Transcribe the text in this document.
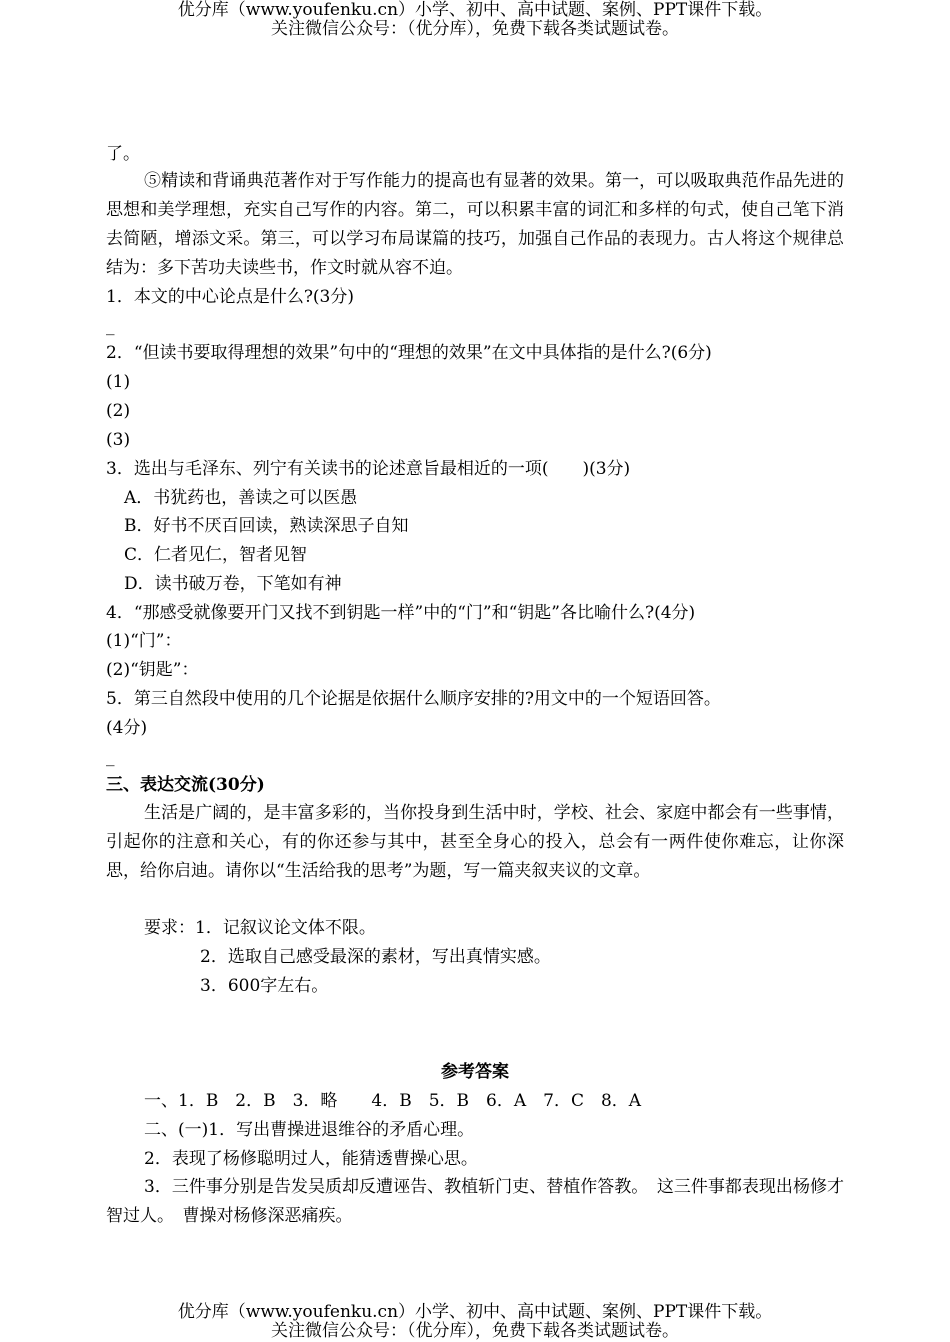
优分库（www.youfenku.cn）小学、初中、高中试题、案例、PPT课件下载。
关注微信公众号：（优分库），免费下载各类试题试卷。
了。

⑤精读和背诵典范著作对于写作能力的提高也有显著的效果。第一，可以吸取典范作品先进的思想和美学理想，充实自己写作的内容。第二，可以积累丰富的词汇和多样的句式，使自己笔下消去简陋，增添文采。第三，可以学习布局谋篇的技巧，加强自己作品的表现力。古人将这个规律总结为：多下苦功夫读些书，作文时就从容不迫。

1．本文的中心论点是什么?(3分)
_
2．“但读书要取得理想的效果”句中的“理想的效果”在文中具体指的是什么?(6分)
(1)
(2)
(3)
3．选出与毛泽东、列宁有关读书的论述意旨最相近的一项(　　)(3分)
A．书犹药也，善读之可以医愚
B．好书不厌百回读，熟读深思子自知
C．仁者见仁，智者见智
D．读书破万卷，下笔如有神
4．“那感受就像要开门又找不到钥匙一样”中的“门”和“钥匙”各比喻什么?(4分)
(1)“门”：
(2)“钥匙”：
5．第三自然段中使用的几个论据是依据什么顺序安排的?用文中的一个短语回答。
(4分)
_
三、表达交流(30分)

生活是广阔的，是丰富多彩的，当你投身到生活中时，学校、社会、家庭中都会有一些事情，引起你的注意和关心，有的你还参与其中，甚至全身心的投入，总会有一两件使你难忘，让你深思，给你启迪。请你以“生活给我的思考”为题，写一篇夹叙夹议的文章。

要求：1．记叙议论文体不限。
2．选取自己感受最深的素材，写出真情实感。
3．600字左右。
参考答案
一、1．B　2．B　3．略　　4．B　5．B　6．A　7．C　8．A
二、(一)1．写出曹操进退维谷的矛盾心理。
2．表现了杨修聪明过人，能猜透曹操心思。

3．三件事分别是告发吴质却反遭诬告、教植斩门吏、替植作答教。　这三件事都表现出杨修才智过人。　曹操对杨修深恶痛疾。

优分库（www.youfenku.cn）小学、初中、高中试题、案例、PPT课件下载。
关注微信公众号：（优分库），免费下载各类试题试卷。
